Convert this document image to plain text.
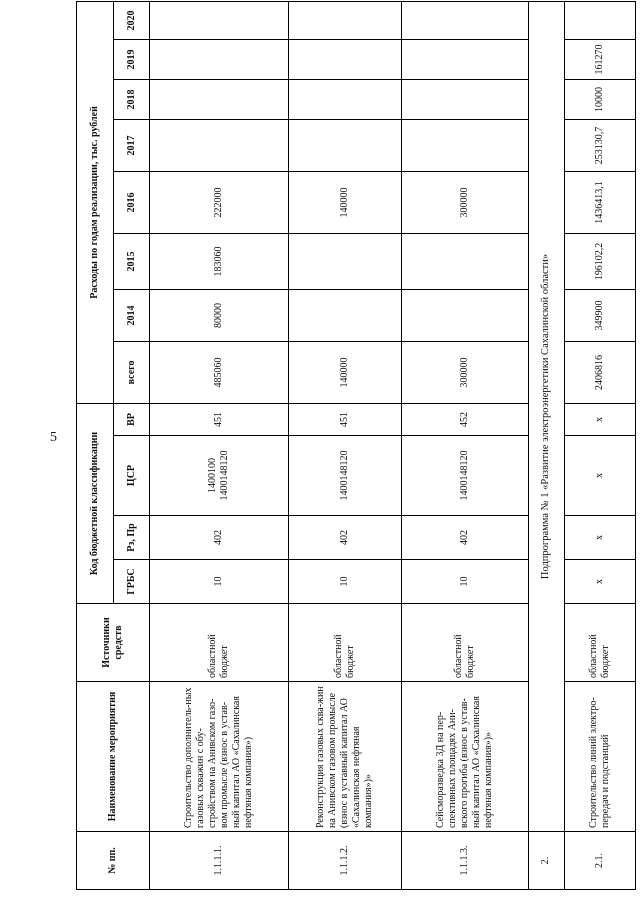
5
№ пп.	Наименование мероприятия	Источники средств	Код бюджетной классификации				Расходы по годам реализации, тыс. рублей							
			ГРБС	Рз, Пр	ЦСР	ВР	всего	2014	2015	2016	2017	2018	2019	2020
1.1.1.1.	Строительство дополнитель-ных газовых скважин с обу-стройством на Анивском газо-вом промысле (взнос в устав-ный капитал АО «Сахалинская нефтяная компания»)	областной бюджет	10	402	1400100 1400148120	451	485060	80000	183060	222000				
1.1.1.2.	Реконструкция газовых сква-жин на Анивском газовом промысле (взнос в уставный капитал АО «Сахалинская нефтяная компания»)»	областной бюджет	10	402	1400148120	451	140000			140000				
1.1.1.3.	Сейсморазведка 3Д на пер-спективных площадях Ани-вского прогиба (взнос в устав-ный капитал АО «Сахалинская нефтяная компания»)»	областной бюджет	10	402	1400148120	452	300000			300000				
2.	Подпрограмма № 1 «Развитие электроэнергетики Сахалинской области»													
2.1.	Строительство линий электро-передач и подстанций	областной бюджет	x	x	x	x	2406816	349900	196102,2	1436413,1	253130,7	10000	161270	
